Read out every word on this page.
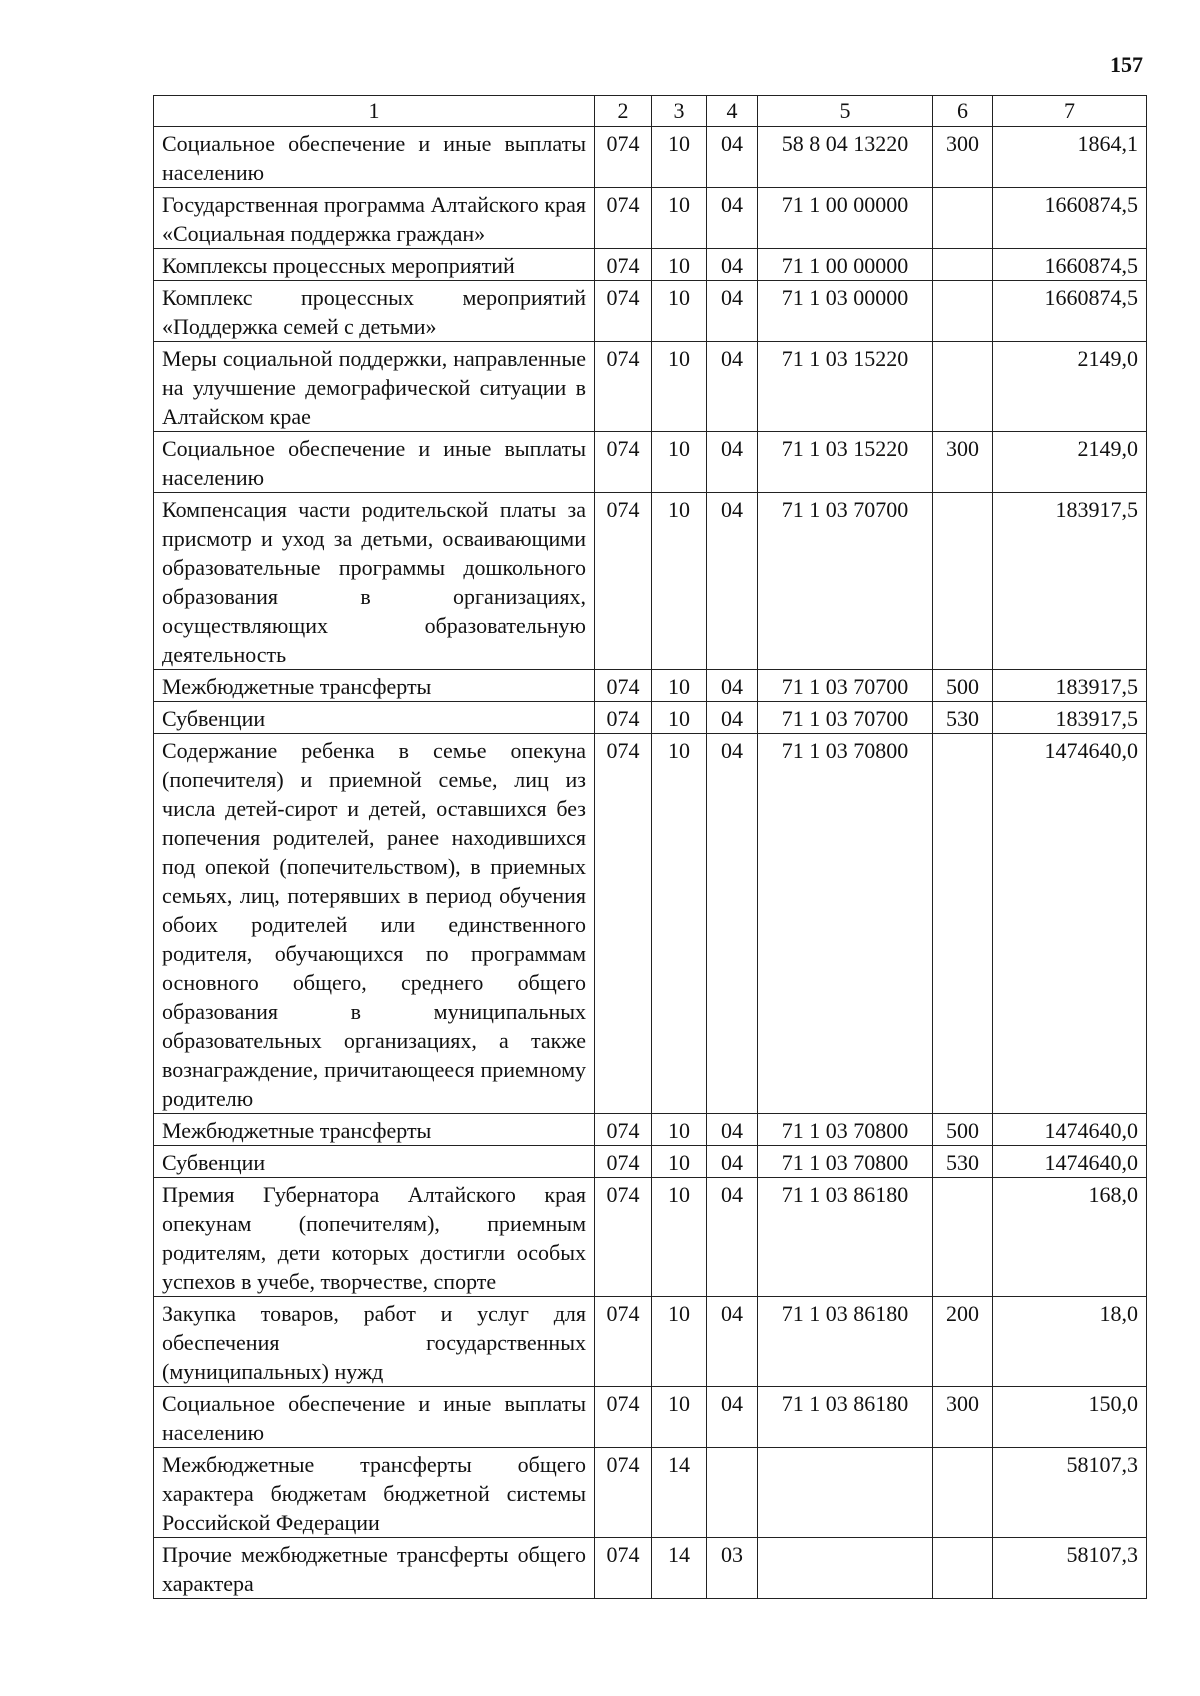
157
1	2	3	4	5	6	7
Социальное обеспечение и иные выплаты населению	074	10	04	58 8 04 13220	300	1864,1
Государственная программа Алтайского края «Социальная поддержка граждан»	074	10	04	71 1 00 00000		1660874,5
Комплексы процессных мероприятий	074	10	04	71 1 00 00000		1660874,5
Комплекс процессных мероприятий «Поддержка семей с детьми»	074	10	04	71 1 03 00000		1660874,5
Меры социальной поддержки, направленные на улучшение демографической ситуации в Алтайском крае	074	10	04	71 1 03 15220		2149,0
Социальное обеспечение и иные выплаты населению	074	10	04	71 1 03 15220	300	2149,0
Компенсация части родительской платы за присмотр и уход за детьми, осваивающими образовательные программы дошкольного образования в организациях, осуществляющих образовательную деятельность	074	10	04	71 1 03 70700		183917,5
Межбюджетные трансферты	074	10	04	71 1 03 70700	500	183917,5
Субвенции	074	10	04	71 1 03 70700	530	183917,5
Содержание ребенка в семье опекуна (попечителя) и приемной семье, лиц из числа детей-сирот и детей, оставшихся без попечения родителей, ранее находившихся под опекой (попечительством), в приемных семьях, лиц, потерявших в период обучения обоих родителей или единственного родителя, обучающихся по программам основного общего, среднего общего образования в муниципальных образовательных организациях, а также вознаграждение, причитающееся приемному родителю	074	10	04	71 1 03 70800		1474640,0
Межбюджетные трансферты	074	10	04	71 1 03 70800	500	1474640,0
Субвенции	074	10	04	71 1 03 70800	530	1474640,0
Премия Губернатора Алтайского края опекунам (попечителям), приемным родителям, дети которых достигли особых успехов в учебе, творчестве, спорте	074	10	04	71 1 03 86180		168,0
Закупка товаров, работ и услуг для обеспечения государственных (муниципальных) нужд	074	10	04	71 1 03 86180	200	18,0
Социальное обеспечение и иные выплаты населению	074	10	04	71 1 03 86180	300	150,0
Межбюджетные трансферты общего характера бюджетам бюджетной системы Российской Федерации	074	14				58107,3
Прочие межбюджетные трансферты общего характера	074	14	03			58107,3
